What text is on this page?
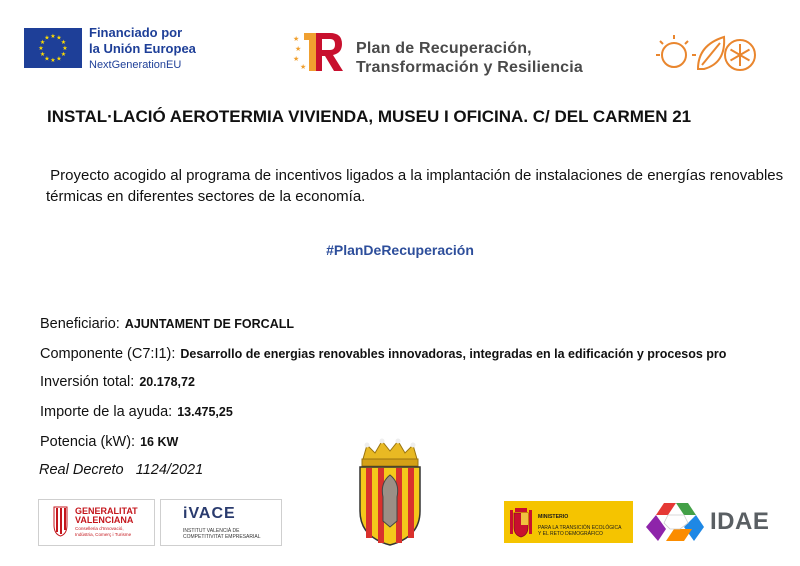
★ ★
★
★
★
★
★
★
★
★
★
★	Financiado por
la Unión Europea
NextGenerationEU
★
★
★
★
Plan de Recuperación,
Transformación y Resiliencia
INSTAL·LACIÓ AEROTERMIA VIVIENDA, MUSEU I OFICINA. C/ DEL CARMEN 21
Proyecto acogido al programa de incentivos ligados a la implantación de instalaciones de energías renovables
térmicas en diferentes sectores de la economía.
#PlanDeRecuperación
Beneficiario: AJUNTAMENT DE FORCALL
Componente (C7:I1): Desarrollo de energias renovables innovadoras, integradas en la edificación y procesos pro
Inversión total: 20.178,72
Importe de la ayuda: 13.475,25
Potencia (kW): 16 KW
Real Decreto   1124/2021
GENERALITAT
VALENCIANA
Conselleria d'Innovació,
Indústria, Comerç i Turisme
iVACE
INSTITUT VALENCIÀ DE
COMPETITIVITAT EMPRESARIAL
MINISTERIO
PARA LA TRANSICIÓN ECOLÓGICA
Y EL RETO DEMOGRÁFICO	IDAE
